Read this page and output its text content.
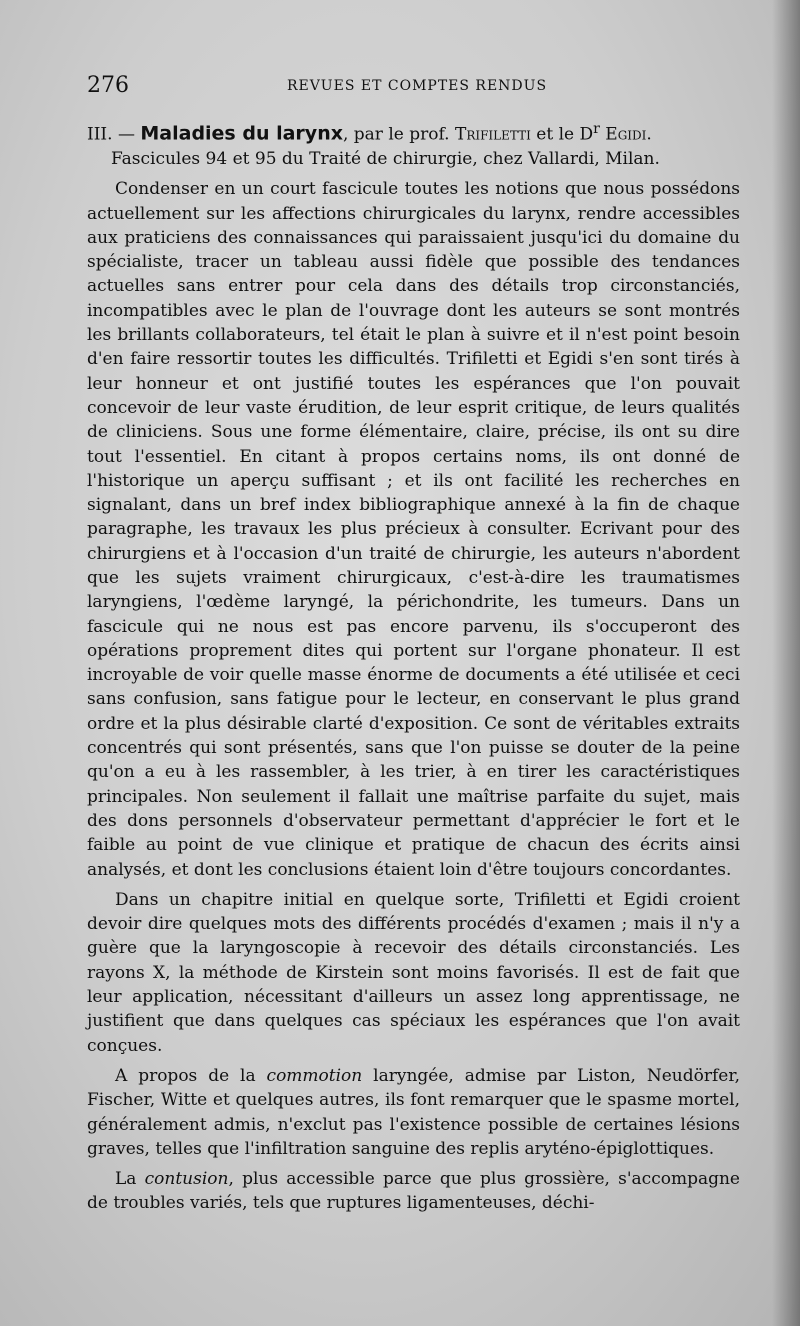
276	REVUES ET COMPTES RENDUS

III. — Maladies du larynx, par le prof. Trifiletti et le $D^r$ Egidi.
Fascicules 94 et 95 du Traité de chirurgie, chez Vallardi, Milan.

Condenser en un court fascicule toutes les notions que nous possédons actuellement sur les affections chirurgicales du larynx, rendre accessibles aux praticiens des connaissances qui paraissaient jusqu'ici du domaine du spécialiste, tracer un tableau aussi fidèle que possible des tendances actuelles sans entrer pour cela dans des détails trop circonstanciés, incompatibles avec le plan de l'ouvrage dont les auteurs se sont montrés les brillants collaborateurs, tel était le plan à suivre et il n'est point besoin d'en faire ressortir toutes les difficultés. Trifiletti et Egidi s'en sont tirés à leur honneur et ont justifié toutes les espérances que l'on pouvait concevoir de leur vaste érudition, de leur esprit critique, de leurs qualités de cliniciens. Sous une forme élémentaire, claire, précise, ils ont su dire tout l'essentiel. En citant à propos certains noms, ils ont donné de l'historique un aperçu suffisant ; et ils ont facilité les recherches en signalant, dans un bref index bibliographique annexé à la fin de chaque paragraphe, les travaux les plus précieux à consulter. Ecrivant pour des chirurgiens et à l'occasion d'un traité de chirurgie, les auteurs n'abordent que les sujets vraiment chirurgicaux, c'est-à-dire les traumatismes laryngiens, l'œdème laryngé, la périchondrite, les tumeurs. Dans un fascicule qui ne nous est pas encore parvenu, ils s'occuperont des opérations proprement dites qui portent sur l'organe phonateur. Il est incroyable de voir quelle masse énorme de documents a été utilisée et ceci sans confusion, sans fatigue pour le lecteur, en conservant le plus grand ordre et la plus désirable clarté d'exposition. Ce sont de véritables extraits concentrés qui sont présentés, sans que l'on puisse se douter de la peine qu'on a eu à les rassembler, à les trier, à en tirer les caractéristiques principales. Non seulement il fallait une maîtrise parfaite du sujet, mais des dons personnels d'observateur permettant d'apprécier le fort et le faible au point de vue clinique et pratique de chacun des écrits ainsi analysés, et dont les conclusions étaient loin d'être toujours concordantes.

Dans un chapitre initial en quelque sorte, Trifiletti et Egidi croient devoir dire quelques mots des différents procédés d'examen ; mais il n'y a guère que la laryngoscopie à recevoir des détails circonstanciés. Les rayons X, la méthode de Kirstein sont moins favorisés. Il est de fait que leur application, nécessitant d'ailleurs un assez long apprentissage, ne justifient que dans quelques cas spéciaux les espérances que l'on avait conçues.

A propos de la commotion laryngée, admise par Liston, Neudörfer, Fischer, Witte et quelques autres, ils font remarquer que le spasme mortel, généralement admis, n'exclut pas l'existence possible de certaines lésions graves, telles que l'infiltration sanguine des replis aryténo-épiglottiques.

La contusion, plus accessible parce que plus grossière, s'accompagne de troubles variés, tels que ruptures ligamenteuses, déchi-
